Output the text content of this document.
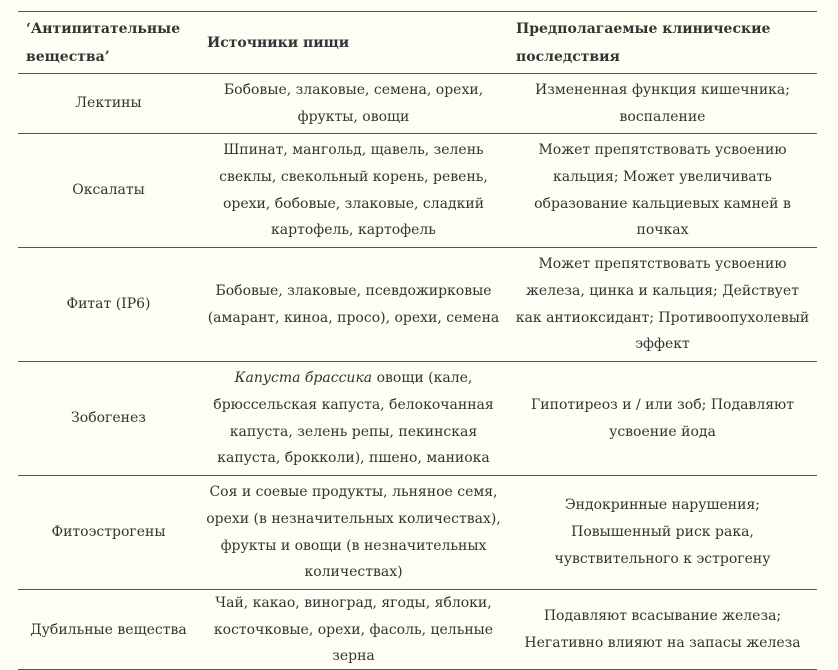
‘Антипитательные вещества’
Источники пищи
Предполагаемые клинические последствия
Лектины
Бобовые, злаковые, семена, орехи, фрукты, овощи
Измененная функция кишечника; воспаление
Оксалаты
Шпинат, мангольд, щавель, зелень свеклы, свекольный корень, ревень, орехи, бобовые, злаковые, сладкий картофель, картофель
Может препятствовать усвоению кальция; Может увеличивать образование кальциевых камней в почках
Фитат (IP6)
Бобовые, злаковые, псевдожирковые (амарант, киноа, просо), орехи, семена
Может препятствовать усвоению железа, цинка и кальция; Действует как антиоксидант; Противоопухолевый эффект
Зобогенез
Капуста брассика овощи (кале, брюссельская капуста, белокочанная капуста, зелень репы, пекинская капуста, брокколи), пшено, маниока
Гипотиреоз и / или зоб; Подавляют усвоение йода
Фитоэстрогены
Соя и соевые продукты, льняное семя, орехи (в незначительных количествах), фрукты и овощи (в незначительных количествах)
Эндокринные нарушения; Повышенный риск рака, чувствительного к эстрогену
Дубильные вещества
Чай, какао, виноград, ягоды, яблоки, косточковые, орехи, фасоль, цельные зерна
Подавляют всасывание железа; Негативно влияют на запасы железа
